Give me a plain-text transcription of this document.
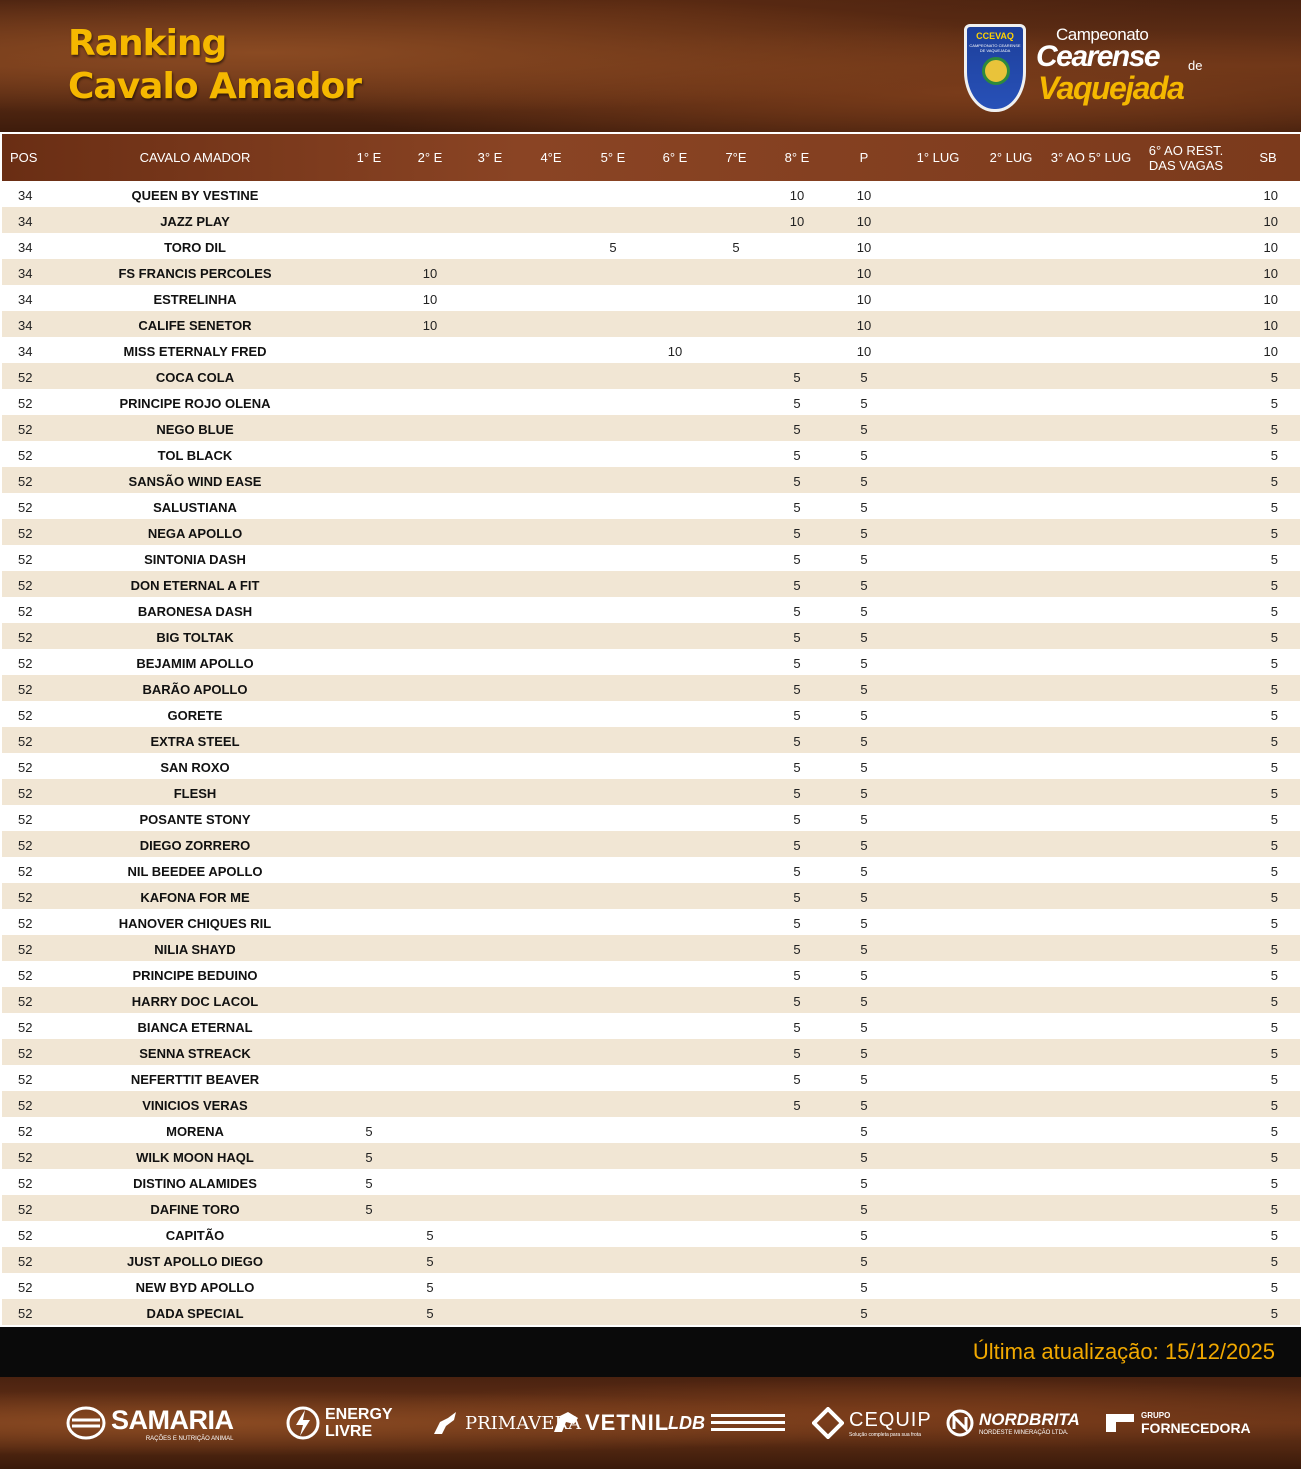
Ranking
Cavalo Amador
CCEVAQ
CAMPEONATO CEARENSE DE VAQUEJADA
Campeonato
Cearense de
Vaquejada
POS	CAVALO AMADOR	1° E	2° E	3° E	4°E	5° E	6° E	7°E	8° E	P	1° LUG	2° LUG	3° AO 5° LUG	6° AO REST. DAS VAGAS	SB
34	QUEEN BY VESTINE								10	10					10
34	JAZZ PLAY								10	10					10
34	TORO DIL					5		5		10					10
34	FS FRANCIS PERCOLES		10							10					10
34	ESTRELINHA		10							10					10
34	CALIFE SENETOR		10							10					10
34	MISS ETERNALY FRED						10			10					10
52	COCA COLA								5	5					5
52	PRINCIPE ROJO OLENA								5	5					5
52	NEGO BLUE								5	5					5
52	TOL BLACK								5	5					5
52	SANSÃO WIND EASE								5	5					5
52	SALUSTIANA								5	5					5
52	NEGA APOLLO								5	5					5
52	SINTONIA DASH								5	5					5
52	DON ETERNAL A FIT								5	5					5
52	BARONESA DASH								5	5					5
52	BIG TOLTAK								5	5					5
52	BEJAMIM APOLLO								5	5					5
52	BARÃO APOLLO								5	5					5
52	GORETE								5	5					5
52	EXTRA STEEL								5	5					5
52	SAN ROXO								5	5					5
52	FLESH								5	5					5
52	POSANTE STONY								5	5					5
52	DIEGO ZORRERO								5	5					5
52	NIL BEEDEE APOLLO								5	5					5
52	KAFONA FOR ME								5	5					5
52	HANOVER CHIQUES RIL								5	5					5
52	NILIA SHAYD								5	5					5
52	PRINCIPE BEDUINO								5	5					5
52	HARRY DOC LACOL								5	5					5
52	BIANCA ETERNAL								5	5					5
52	SENNA STREACK								5	5					5
52	NEFERTTIT BEAVER								5	5					5
52	VINICIOS VERAS								5	5					5
52	MORENA	5								5					5
52	WILK MOON HAQL	5								5					5
52	DISTINO ALAMIDES	5								5					5
52	DAFINE TORO	5								5					5
52	CAPITÃO		5							5					5
52	JUST APOLLO DIEGO		5							5					5
52	NEW BYD APOLLO		5							5					5
52	DADA SPECIAL		5							5					5
Última atualização: 15/12/2025
SAMARIA
RAÇÕES E NUTRIÇÃO ANIMAL
ENERGY LIVRE	PRIMAVERA VETNIL
LDB	CEQUIP
Solução completa para sua frota
NORDBRITA
NORDESTE MINERAÇÃO LTDA.
GRUPO
FORNECEDORA
